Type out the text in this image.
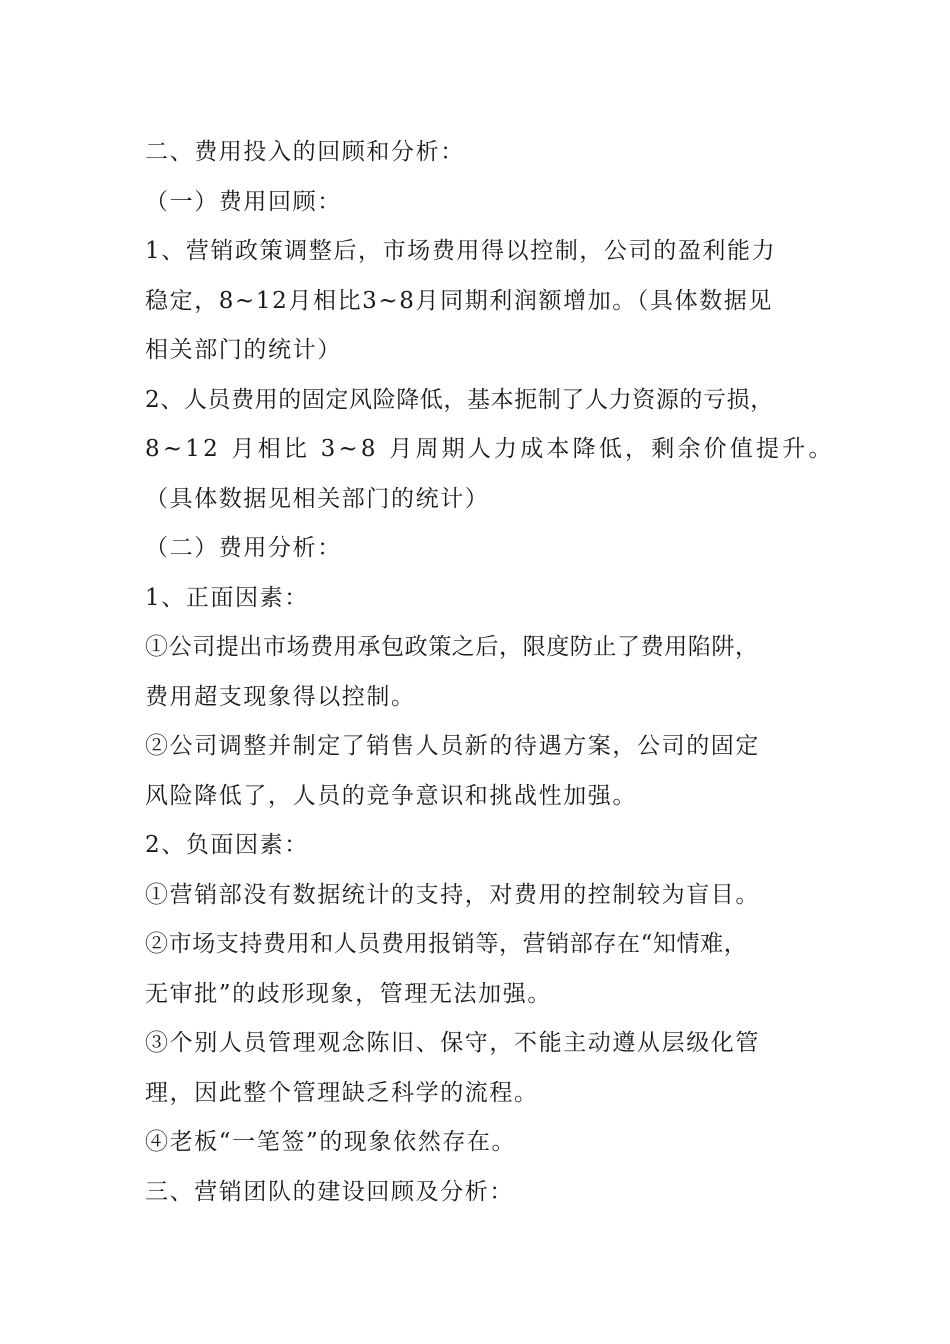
二、费用投入的回顾和分析：
（一）费用回顾：
1、营销政策调整后，市场费用得以控制，公司的盈利能力
稳定，8~12月相比3~8月同期利润额增加。（具体数据见
相关部门的统计）
2、人员费用的固定风险降低，基本扼制了人力资源的亏损，
8~12 月相比 3~8 月周期人力成本降低，剩余价值提升。
（具体数据见相关部门的统计）
（二）费用分析：
1、正面因素：
①公司提出市场费用承包政策之后，限度防止了费用陷阱，
费用超支现象得以控制。
②公司调整并制定了销售人员新的待遇方案，公司的固定
风险降低了，人员的竞争意识和挑战性加强。
2、负面因素：
①营销部没有数据统计的支持，对费用的控制较为盲目。
②市场支持费用和人员费用报销等，营销部存在“知情难，
无审批”的歧形现象，管理无法加强。
③个别人员管理观念陈旧、保守，不能主动遵从层级化管
理，因此整个管理缺乏科学的流程。
④老板“一笔签”的现象依然存在。
三、营销团队的建设回顾及分析：
